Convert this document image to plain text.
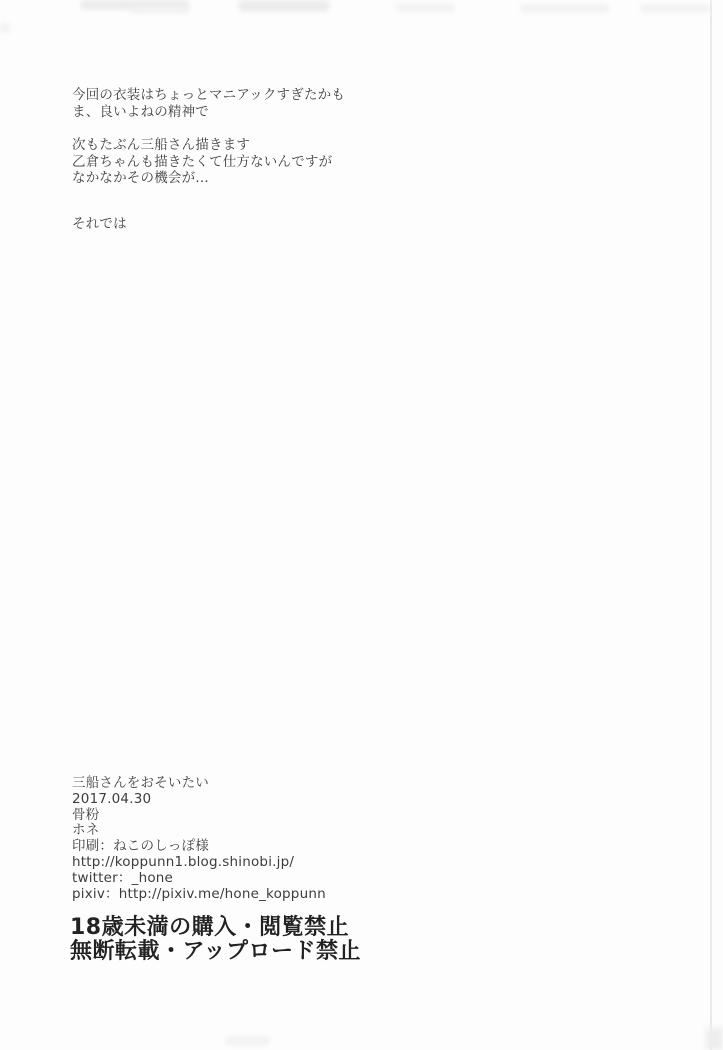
今回の衣装はちょっとマニアックすぎたかも
ま、良いよねの精神で
次もたぶん三船さん描きます
乙倉ちゃんも描きたくて仕方ないんですが
なかなかその機会が…
それでは
三船さんをおそいたい
2017.04.30
骨粉
ホネ
印刷：ねこのしっぽ様
http://koppunn1.blog.shinobi.jp/
twitter：_hone
pixiv：http://pixiv.me/hone_koppunn
18歳未満の購入・閲覧禁止
無断転載・アップロード禁止
